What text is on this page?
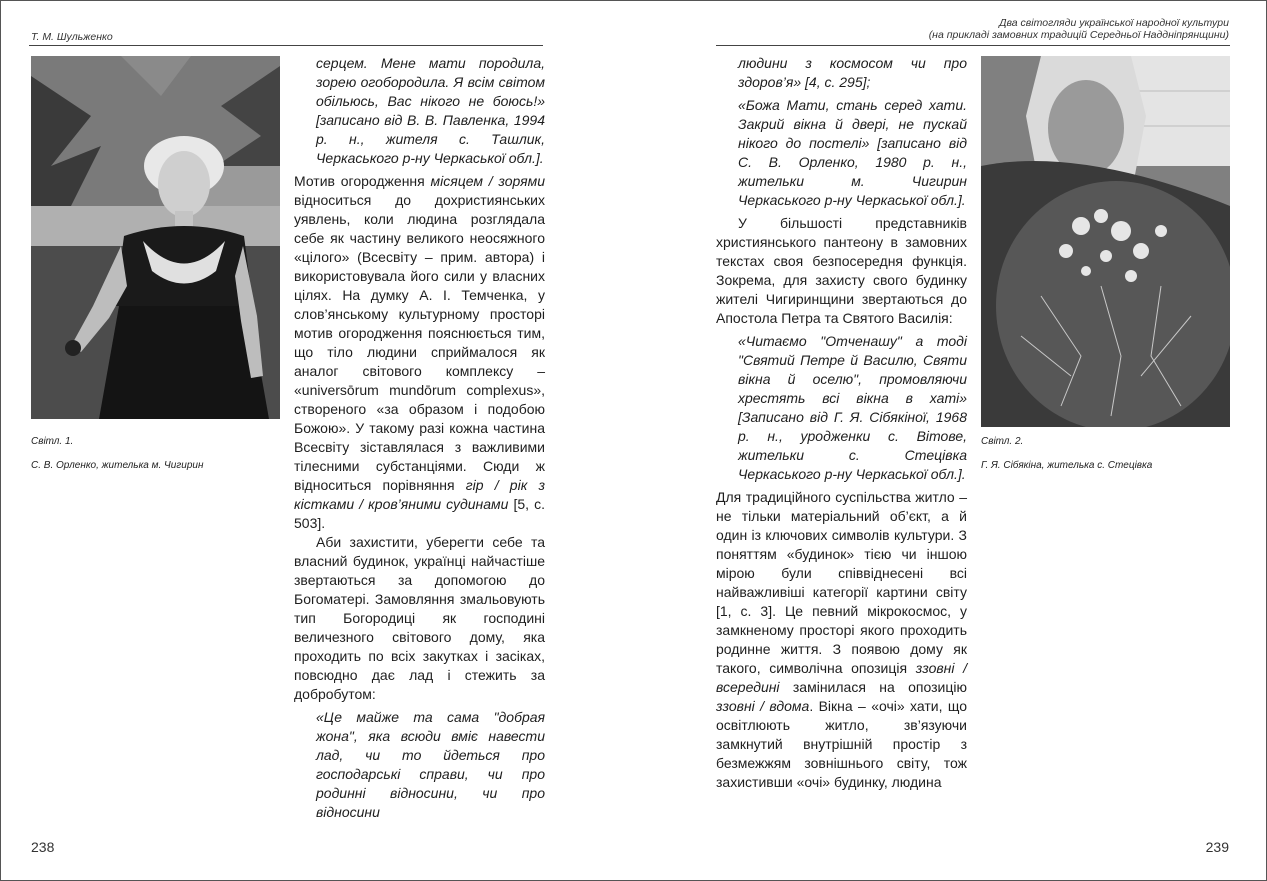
Т. М. Шульженко
Світл. 1.
С. В. Орленко, жителька м. Чигирин

серцем. Мене мати породила, зорею огобородила. Я всім світом обільюсь, Вас нікого не боюсь!» [записано від В. В. Павленка, 1994 р. н., жителя с. Ташлик, Черкаського р-ну Черкаської обл.].

Мотив огородження місяцем / зорями відноситься до дохристиянських уявлень, коли людина розглядала себе як частину великого неосяжного «цілого» (Всесвіту – прим. автора) і використовувала його сили у власних цілях. На думку А. І. Темченка, у слов’янському культурному просторі мотив огородження пояснюється тим, що тіло людини сприймалося як аналог світового комплексу – «universōrum mundōrum complexus», створеного «за образом і подобою Божою». У такому разі кожна частина Всесвіту зіставлялася з важливими тілесними субстанціями. Сюди ж відноситься порівняння гір / рік з кістками / кров’яними судинами [5, с. 503].

Аби захистити, уберегти себе та власний будинок, українці найчастіше звертаються за допомогою до Богоматері. Замовляння змальовують тип Богородиці як господині величезного світового дому, яка проходить по всіх закутках і засіках, повсюдно дає лад і стежить за добробутом:

«Це майже та сама "добрая жона", яка всюди вміє навести лад, чи то йдеться про господарські справи, чи про родинні відносини, чи про відносини

238
Два світогляди української народної культури
(на прикладі замовних традицій Середньої Наддніпрянщини)

людини з космосом чи про здоров’я» [4, с. 295];

«Божа Мати, стань серед хати. Закрий вікна й двері, не пускай нікого до постелі» [записано від С. В. Орленко, 1980 р. н., жительки м. Чигирин Черкаського р-ну Черкаської обл.].

У більшості представників християнського пантеону в замовних текстах своя безпосередня функція. Зокрема, для захисту свого будинку жителі Чигиринщини звертаються до Апостола Петра та Святого Василія:

«Читаємо "Отченашу" а тоді "Святий Петре й Василю, Святи вікна й оселю", промовляючи хрестять всі вікна в хаті» [Записано від Г. Я. Сібякіної, 1968 р. н., уродженки с. Вітове, жительки с. Стецівка Черкаського р-ну Черкаської обл.].

Для традиційного суспільства житло – не тільки матеріальний об’єкт, а й один із ключових символів культури. З поняттям «будинок» тією чи іншою мірою були співвіднесені всі найважливіші категорії картини світу [1, с. 3]. Це певний мікрокосмос, у замкненому просторі якого проходить родинне життя. З появою дому як такого, символічна опозиція ззовні / всередині замінилася на опозицію ззовні / вдома. Вікна – «очі» хати, що освітлюють житло, зв’язуючи замкнутий внутрішній простір з безмежжям зовнішнього світу, тож захистивши «очі» будинку, людина

Світл. 2.
Г. Я. Сібякіна, жителька с. Стецівка
239
